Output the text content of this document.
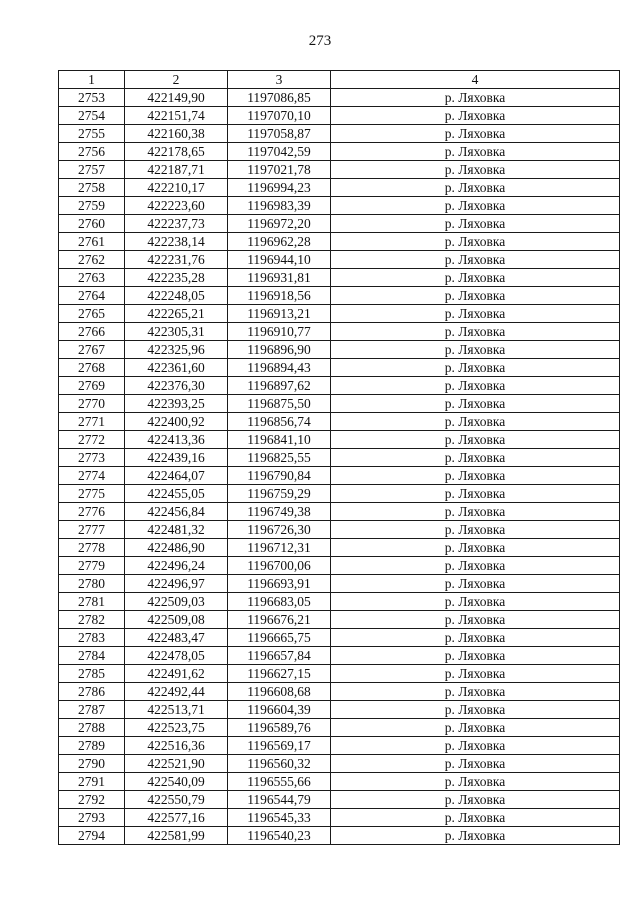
273
1	2	3	4
2753	422149,90	1197086,85	р. Ляховка
2754	422151,74	1197070,10	р. Ляховка
2755	422160,38	1197058,87	р. Ляховка
2756	422178,65	1197042,59	р. Ляховка
2757	422187,71	1197021,78	р. Ляховка
2758	422210,17	1196994,23	р. Ляховка
2759	422223,60	1196983,39	р. Ляховка
2760	422237,73	1196972,20	р. Ляховка
2761	422238,14	1196962,28	р. Ляховка
2762	422231,76	1196944,10	р. Ляховка
2763	422235,28	1196931,81	р. Ляховка
2764	422248,05	1196918,56	р. Ляховка
2765	422265,21	1196913,21	р. Ляховка
2766	422305,31	1196910,77	р. Ляховка
2767	422325,96	1196896,90	р. Ляховка
2768	422361,60	1196894,43	р. Ляховка
2769	422376,30	1196897,62	р. Ляховка
2770	422393,25	1196875,50	р. Ляховка
2771	422400,92	1196856,74	р. Ляховка
2772	422413,36	1196841,10	р. Ляховка
2773	422439,16	1196825,55	р. Ляховка
2774	422464,07	1196790,84	р. Ляховка
2775	422455,05	1196759,29	р. Ляховка
2776	422456,84	1196749,38	р. Ляховка
2777	422481,32	1196726,30	р. Ляховка
2778	422486,90	1196712,31	р. Ляховка
2779	422496,24	1196700,06	р. Ляховка
2780	422496,97	1196693,91	р. Ляховка
2781	422509,03	1196683,05	р. Ляховка
2782	422509,08	1196676,21	р. Ляховка
2783	422483,47	1196665,75	р. Ляховка
2784	422478,05	1196657,84	р. Ляховка
2785	422491,62	1196627,15	р. Ляховка
2786	422492,44	1196608,68	р. Ляховка
2787	422513,71	1196604,39	р. Ляховка
2788	422523,75	1196589,76	р. Ляховка
2789	422516,36	1196569,17	р. Ляховка
2790	422521,90	1196560,32	р. Ляховка
2791	422540,09	1196555,66	р. Ляховка
2792	422550,79	1196544,79	р. Ляховка
2793	422577,16	1196545,33	р. Ляховка
2794	422581,99	1196540,23	р. Ляховка
